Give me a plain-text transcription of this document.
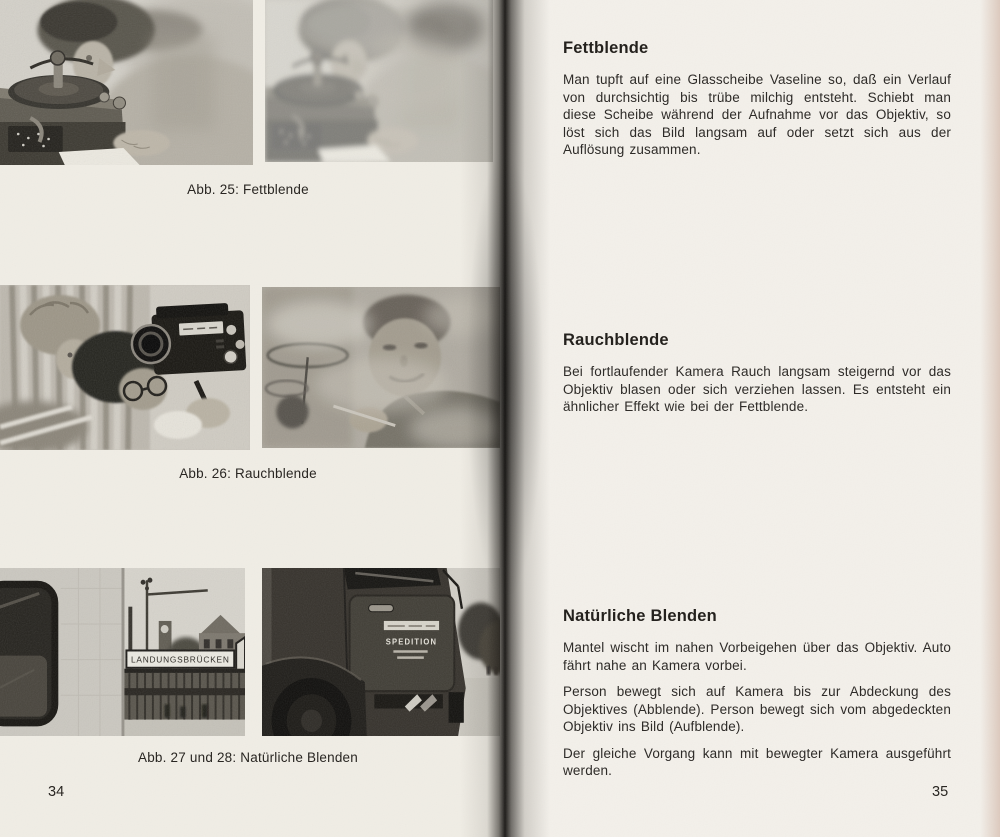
Abb. 25: Fettblende
Abb. 26: Rauchblende
LANDUNGSBRÜCKEN
SPEDITION
Abb. 27 und 28: Natürliche Blenden
34
Fettblende

Man tupft auf eine Glasscheibe Vaseline so, daß ein Verlauf von durchsichtig bis trübe milchig entsteht. Schiebt man diese Scheibe während der Aufnahme vor das Objektiv, so löst sich das Bild langsam auf oder setzt sich aus der Auflösung zusammen.

Rauchblende

Bei fortlaufender Kamera Rauch langsam steigernd vor das Objektiv blasen oder sich verziehen lassen. Es entsteht ein ähnlicher Effekt wie bei der Fettblende.

Natürliche Blenden

Mantel wischt im nahen Vorbeigehen über das Objektiv. Auto fährt nahe an Kamera vorbei.

Person bewegt sich auf Kamera bis zur Abdeckung des Objektives (Abblende). Person bewegt sich vom abgedeckten Objektiv ins Bild (Aufblende).

Der gleiche Vorgang kann mit bewegter Kamera ausgeführt werden.

35
